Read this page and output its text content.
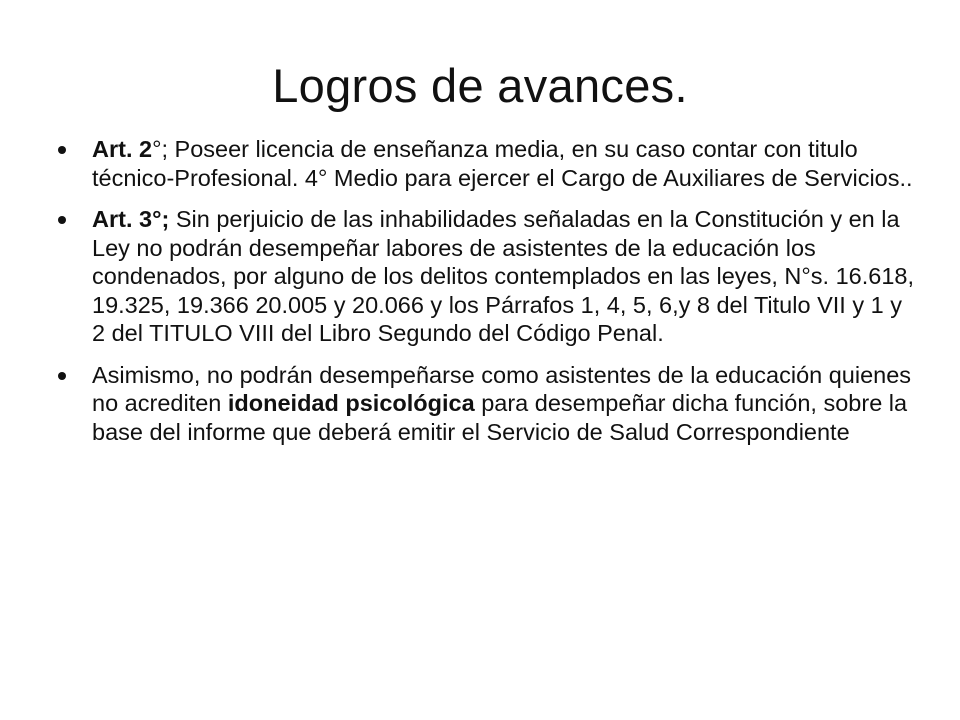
Logros de avances.
Art. 2°; Poseer licencia de enseñanza media, en su caso contar con titulo técnico-Profesional. 4° Medio para ejercer el Cargo de Auxiliares de Servicios..
Art. 3°; Sin perjuicio de las inhabilidades señaladas en la Constitución y en la Ley no podrán desempeñar labores de asistentes de la educación los condenados, por alguno de los delitos contemplados en las leyes, N°s. 16.618, 19.325, 19.366 20.005 y 20.066 y los Párrafos 1, 4, 5, 6,y 8 del Titulo VII y 1 y 2 del TITULO VIII del Libro Segundo del Código Penal.
Asimismo, no podrán desempeñarse como asistentes de la educación quienes no acrediten idoneidad psicológica para desempeñar dicha función, sobre la base del informe que deberá emitir el Servicio de Salud Correspondiente
